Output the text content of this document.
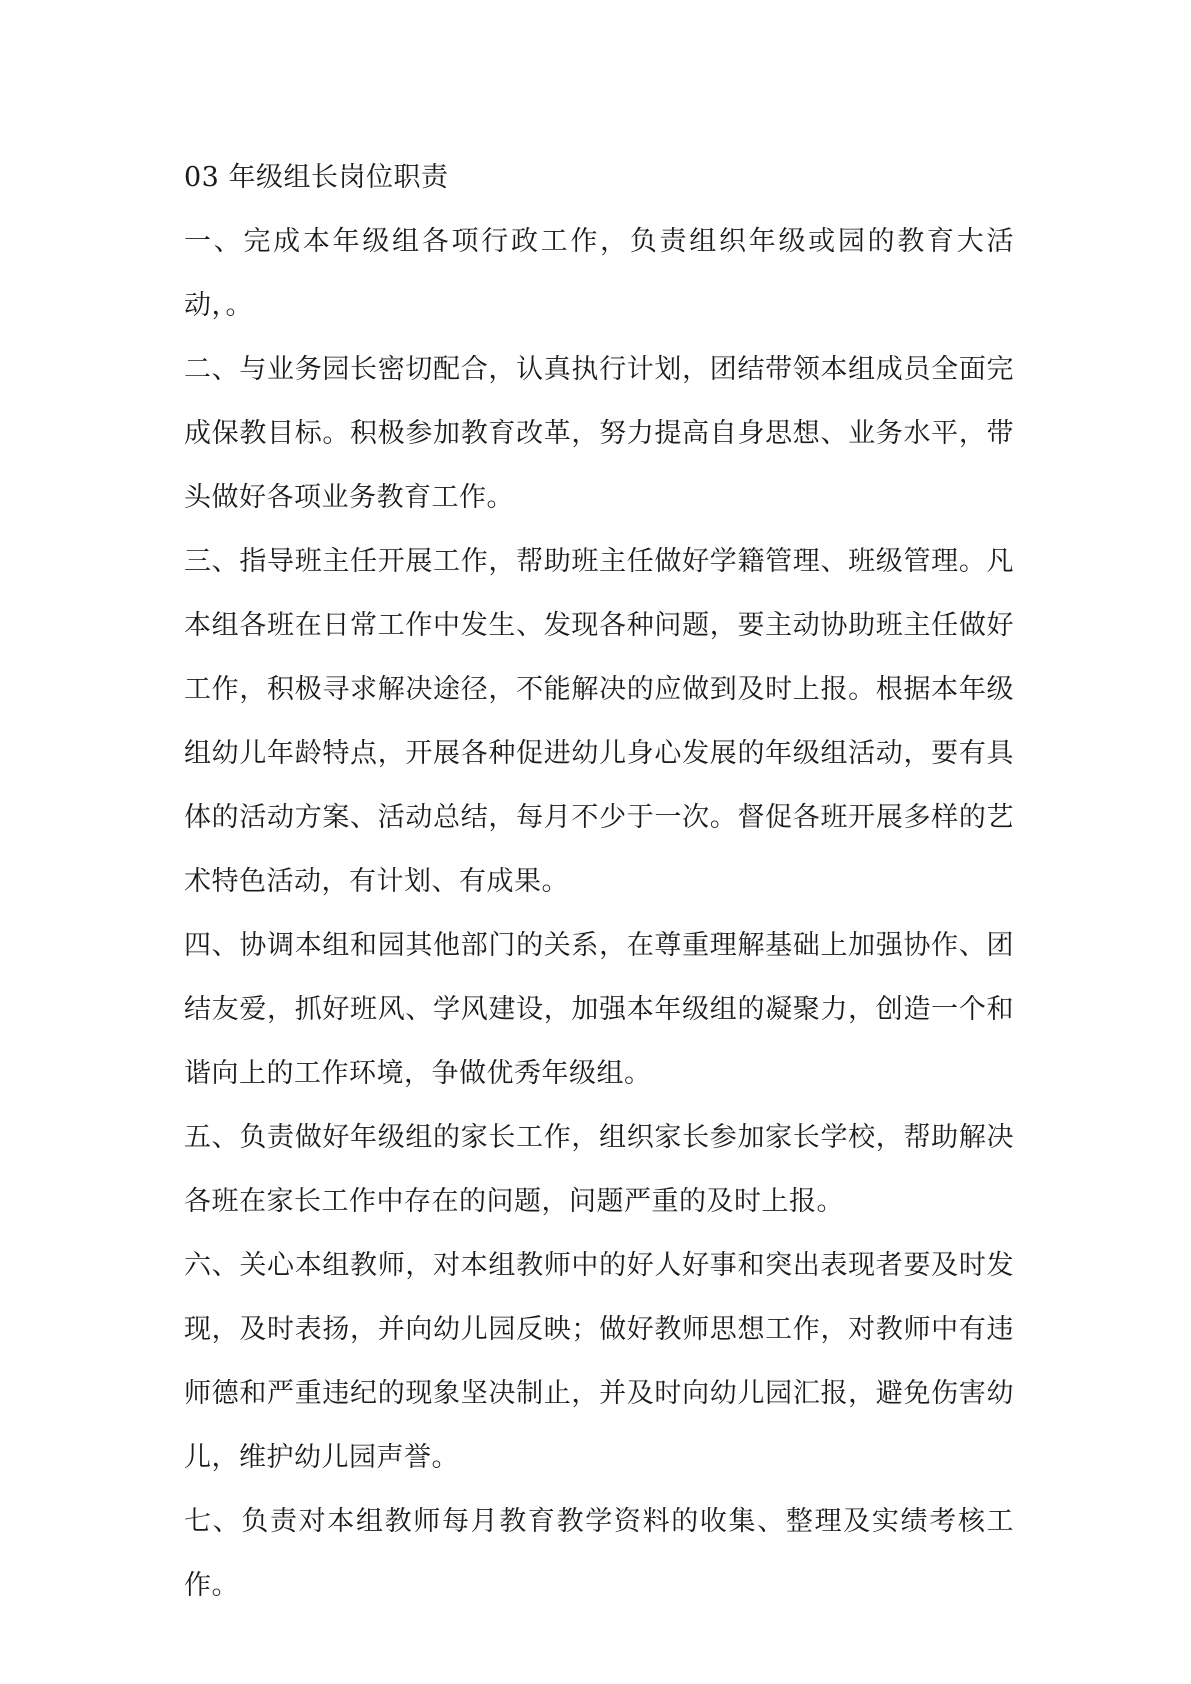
03 年级组长岗位职责

一、完成本年级组各项行政工作，负责组织年级或园的教育大活动，。

二、与业务园长密切配合，认真执行计划，团结带领本组成员全面完成保教目标。积极参加教育改革，努力提高自身思想、业务水平，带头做好各项业务教育工作。

三、指导班主任开展工作，帮助班主任做好学籍管理、班级管理。凡本组各班在日常工作中发生、发现各种问题，要主动协助班主任做好工作，积极寻求解决途径，不能解决的应做到及时上报。根据本年级组幼儿年龄特点，开展各种促进幼儿身心发展的年级组活动，要有具体的活动方案、活动总结，每月不少于一次。督促各班开展多样的艺术特色活动，有计划、有成果。

四、协调本组和园其他部门的关系，在尊重理解基础上加强协作、团结友爱，抓好班风、学风建设，加强本年级组的凝聚力，创造一个和谐向上的工作环境，争做优秀年级组。

五、负责做好年级组的家长工作，组织家长参加家长学校，帮助解决各班在家长工作中存在的问题，问题严重的及时上报。

六、关心本组教师，对本组教师中的好人好事和突出表现者要及时发现，及时表扬，并向幼儿园反映；做好教师思想工作，对教师中有违师德和严重违纪的现象坚决制止，并及时向幼儿园汇报，避免伤害幼儿，维护幼儿园声誉。

七、负责对本组教师每月教育教学资料的收集、整理及实绩考核工作。
